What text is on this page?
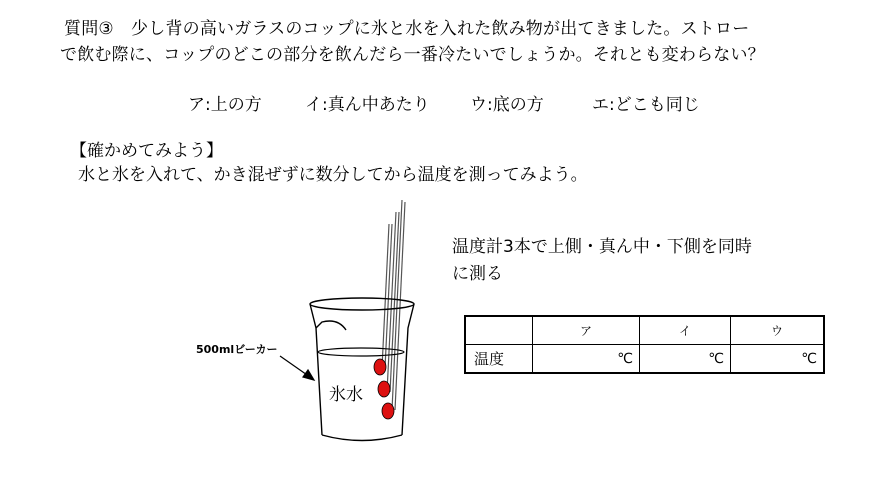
質問③　少し背の高いガラスのコップに氷と水を入れた飲み物が出てきました。ストロー
で飲む際に、コップのどこの部分を飲んだら一番冷たいでしょうか。それとも変わらない？
ア:上の方	イ:真ん中あたり ウ:底の方	エ:どこも同じ
【確かめてみよう】
水と氷を入れて、かき混ぜずに数分してから温度を測ってみよう。
500mlビーカー
氷水
温度計3本で上側・真ん中・下側を同時
に測る
	ア	イ	ウ
温度	℃	℃	℃
